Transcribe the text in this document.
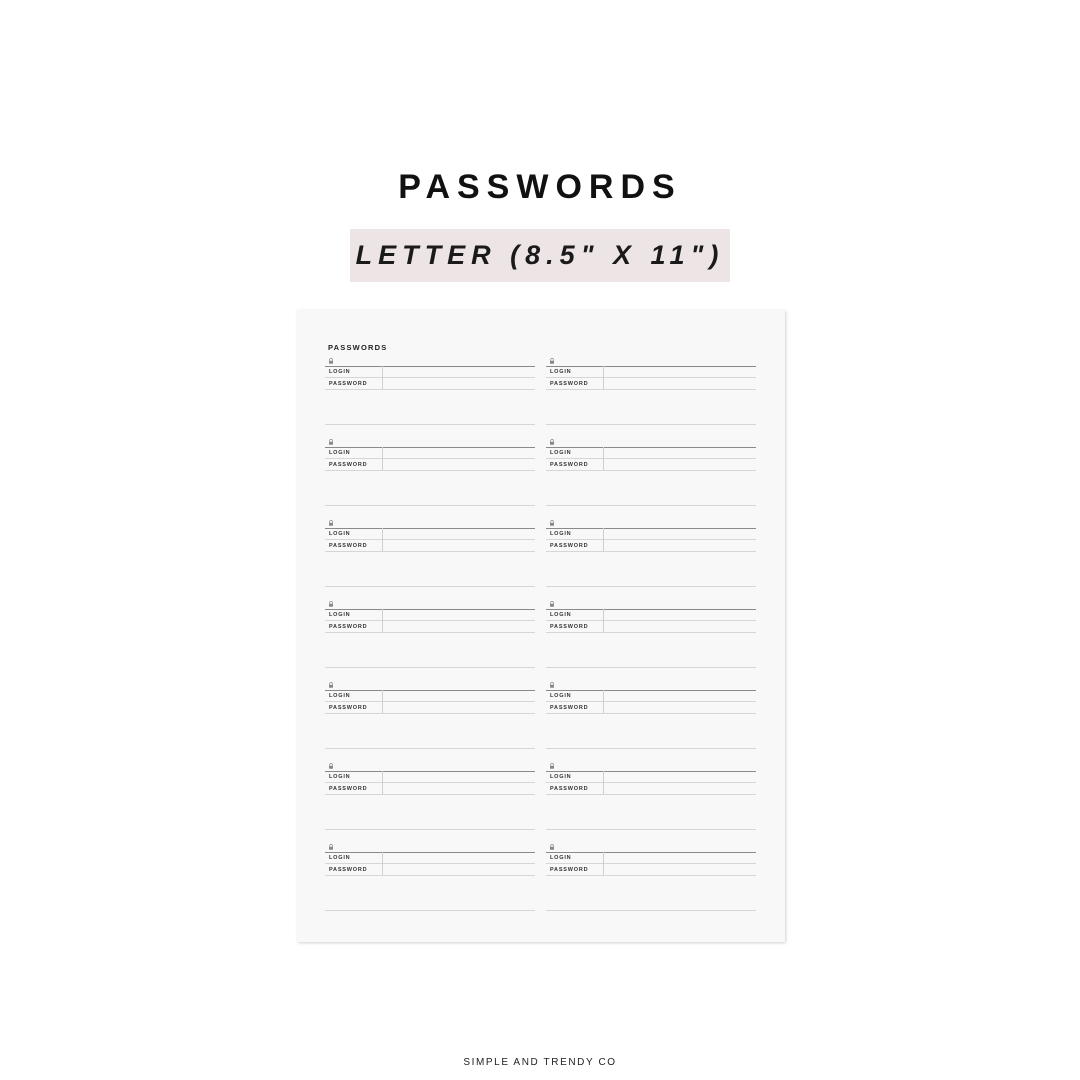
PASSWORDS
LETTER (8.5" X 11")
PASSWORDS
LOGIN
PASSWORD
LOGIN
PASSWORD
LOGIN
PASSWORD
LOGIN
PASSWORD
LOGIN
PASSWORD
LOGIN
PASSWORD
LOGIN
PASSWORD
LOGIN
PASSWORD
LOGIN
PASSWORD
LOGIN
PASSWORD
LOGIN
PASSWORD
LOGIN
PASSWORD
LOGIN
PASSWORD
LOGIN
PASSWORD
SIMPLE AND TRENDY CO
